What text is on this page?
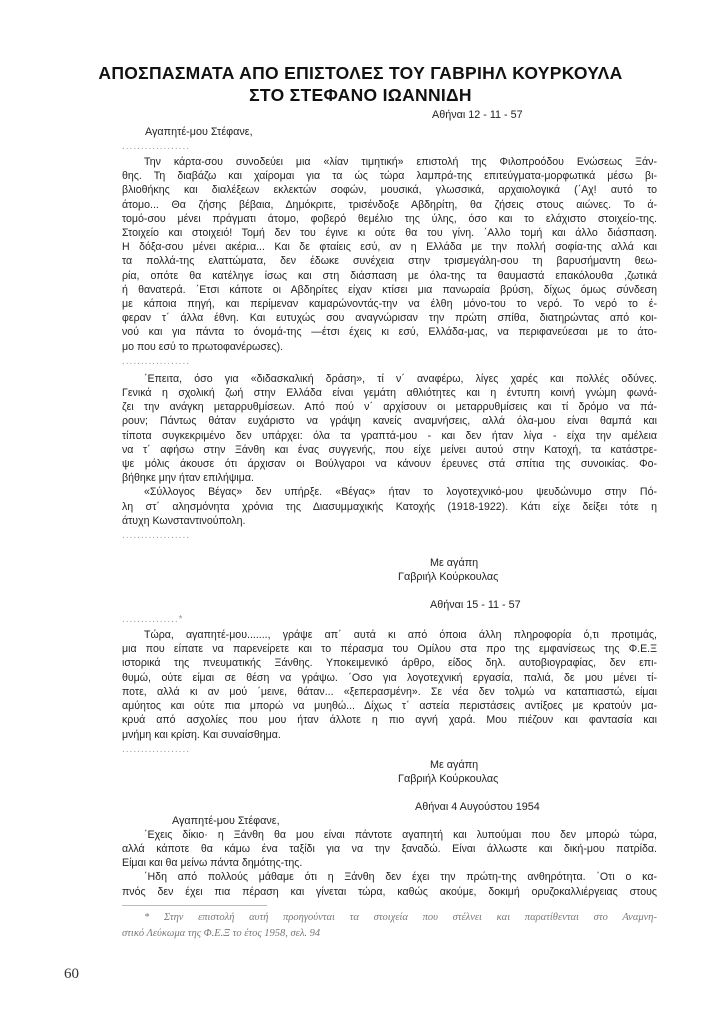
ΑΠΟΣΠΑΣΜΑΤΑ ΑΠΟ ΕΠΙΣΤΟΛΕΣ ΤΟΥ ΓΑΒΡΙΗΛ ΚΟΥΡΚΟΥΛΑ
ΣΤΟ ΣΤΕΦΑΝΟ ΙΩΑΝΝΙΔΗ
Αθήναι 12 - 11 - 57
Αγαπητέ-μου Στέφανε,
..................
Την κάρτα-σου συνοδεύει μια «λίαν τιμητική» επιστολή της Φιλοπροόδου Ενώσεως Ξάν-
θης. Τη διαβάζω και χαίρομαι για τα ώς τώρα λαμπρά-της επιτεύγματα-μορφωτικά μέσω βι-
βλιοθήκης και διαλέξεων εκλεκτών σοφών, μουσικά, γλωσσικά, αρχαιολογικά (΄Αχ! αυτό το
άτομο... Θα ζήσης βέβαια, Δημόκριτε, τρισένδοξε Αβδηρίτη, θα ζήσεις στους αιώνες. Το ά-
τομό-σου μένει πράγματι άτομο, φοβερό θεμέλιο της ύλης, όσο και το ελάχιστο στοιχείο-της.
Στοιχείο και στοιχειό! Τομή δεν του έγινε κι ούτε θα του γίνη. ΄Αλλο τομή και άλλο διάσπαση.
Η δόξα-σου μένει ακέρια... Και δε φταίεις εσύ, αν η Ελλάδα με την πολλή σοφία-της αλλά και
τα πολλά-της ελαττώματα, δεν έδωκε συνέχεια στην τρισμεγάλη-σου τη βαρυσήμαντη θεω-
ρία, οπότε θα κατέληγε ίσως και στη διάσπαση με όλα-της τα θαυμαστά επακόλουθα ,ζωτικά
ή θανατερά. ΄Ετσι κάποτε οι Αβδηρίτες είχαν κτίσει μια πανωραία βρύση, δίχως όμως σύνδεση
με κάποια πηγή, και περίμεναν καμαρώνοντάς-την να έλθη μόνο-του το νερό. Το νερό το έ-
φεραν τ΄ άλλα έθνη. Και ευτυχώς σου αναγνώρισαν την πρώτη σπίθα, διατηρώντας από κοι-
νού και για πάντα το όνομά-της —έτσι έχεις κι εσύ, Ελλάδα-μας, να περιφανεύεσαι με το άτο-
μο που εσύ το πρωτοφανέρωσες).
..................
΄Επειτα, όσο για «διδασκαλική δράση», τί ν΄ αναφέρω, λίγες χαρές και πολλές οδύνες.
Γενικά η σχολική ζωή στην Ελλάδα είναι γεμάτη αθλιότητες και η έντυπη κοινή γνώμη φωνά-
ζει την ανάγκη μεταρρυθμίσεων. Από πού ν΄ αρχίσουν οι μεταρρυθμίσεις και τί δρόμο να πά-
ρουν; Πάντως θάταν ευχάριστο να γράψη κανείς αναμνήσεις, αλλά όλα-μου είναι θαμπά και
τίποτα συγκεκριμένο δεν υπάρχει: όλα τα γραπτά-μου - και δεν ήταν λίγα - είχα την αμέλεια
να τ΄ αφήσω στην Ξάνθη και ένας συγγενής, που είχε μείνει αυτού στην Κατοχή, τα κατάστρε-
ψε μόλις άκουσε ότι άρχισαν οι Βούλγαροι να κάνουν έρευνες στά σπίτια της συνοικίας. Φο-
βήθηκε μην ήταν επιλήψιμα.
«Σύλλογος Βέγας» δεν υπήρξε. «Βέγας» ήταν το λογοτεχνικό-μου ψευδώνυμο στην Πό-
λη στ΄ αλησμόνητα χρόνια της Διασυμμαχικής Κατοχής (1918-1922). Κάτι είχε δείξει τότε η
άτυχη Κωνσταντινούπολη.
..................
Με αγάπη
Γαβριήλ Κούρκουλας
Αθήναι 15 - 11 - 57
...............*
Τώρα, αγαπητέ-μου......., γράψε απ΄ αυτά κι από όποια άλλη πληροφορία ό,τι προτιμάς,
μια που είπατε να παρενείρετε και το πέρασμα του Ομίλου στα προ της εμφανίσεως της Φ.Ε.Ξ
ιστορικά της πνευματικής Ξάνθης. Υποκειμενικό άρθρο, είδος δηλ. αυτοβιογραφίας, δεν επι-
θυμώ, ούτε είμαι σε θέση να γράψω. ΄Οσο για λογοτεχνική εργασία, παλιά, δε μου μένει τί-
ποτε, αλλά κι αν μού ΄μεινε, θάταν... «ξεπερασμένη». Σε νέα δεν τολμώ να καταπιαστώ, είμαι
αμύητος και ούτε πια μπορώ να μυηθώ... Δίχως τ΄ αστεία περιστάσεις αντίξοες με κρατούν μα-
κρυά από ασχολίες που μου ήταν άλλοτε η πιο αγνή χαρά. Μου πιέζουν και φαντασία και
μνήμη και κρίση. Και συναίσθημα.
..................
Με αγάπη
Γαβριήλ Κούρκουλας
Αθήναι 4 Αυγούστου 1954
Αγαπητέ-μου Στέφανε,
΄Εχεις δίκιο· η Ξάνθη θα μου είναι πάντοτε αγαπητή και λυπούμαι που δεν μπορώ τώρα,
αλλά κάποτε θα κάμω ένα ταξίδι για να την ξαναδώ. Είναι άλλωστε και δική-μου πατρίδα.
Είμαι και θα μείνω πάντα δημότης-της.
΄Ηδη από πολλούς μάθαμε ότι η Ξάνθη δεν έχει την πρώτη-της ανθηρότητα. ΄Οτι ο κα-
πνός δεν έχει πια πέραση και γίνεται τώρα, καθώς ακούμε, δοκιμή ορυζοκαλλιέργειας στους
* Στην επιστολή αυτή προηγούνται τα στοιχεία που στέλνει και παρατίθενται στο Αναμνη-
στικό Λεύκωμα της Φ.Ε.Ξ το έτος 1958, σελ. 94
60
